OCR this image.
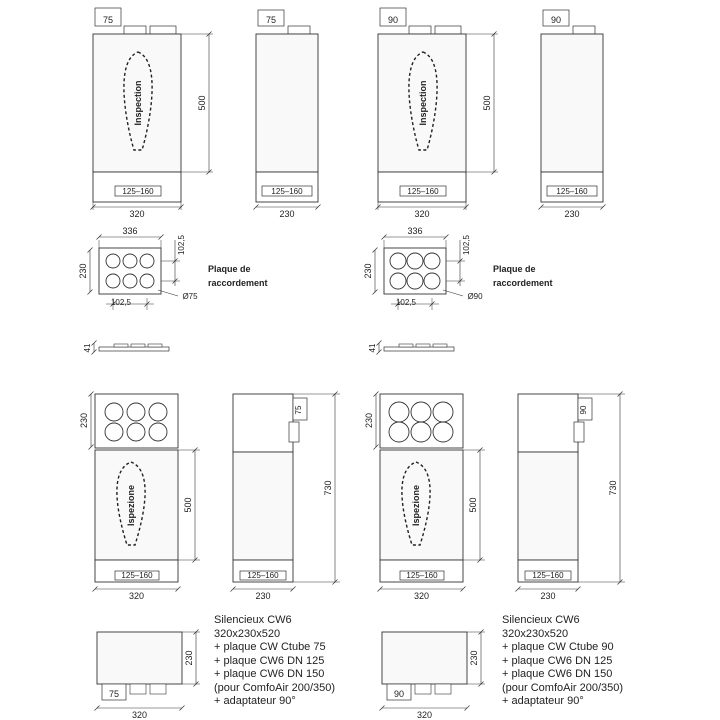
75
Inspection
125–160
320
500
75
125–160
230
336
230
102,5
102,5
Ø75
Plaque de
raccordement
41
Ispezione
125–160
230
500
320
75
125–160
730
230
75
230
320
90
Inspection
125–160
320
500
90
125–160
230
336
230
102,5
102,5
Ø90
Plaque de
raccordement
41
Ispezione
125–160
230
500
320
90
125–160
730
230
90
230
320
Silencieux CW6
320x230x520
+ plaque CW Ctube 75
+ plaque CW6 DN 125
+ plaque CW6 DN 150
(pour ComfoAir 200/350)
+ adaptateur 90°
Silencieux CW6
320x230x520
+ plaque CW Ctube 90
+ plaque CW6 DN 125
+ plaque CW6 DN 150
(pour ComfoAir 200/350)
+ adaptateur 90°
